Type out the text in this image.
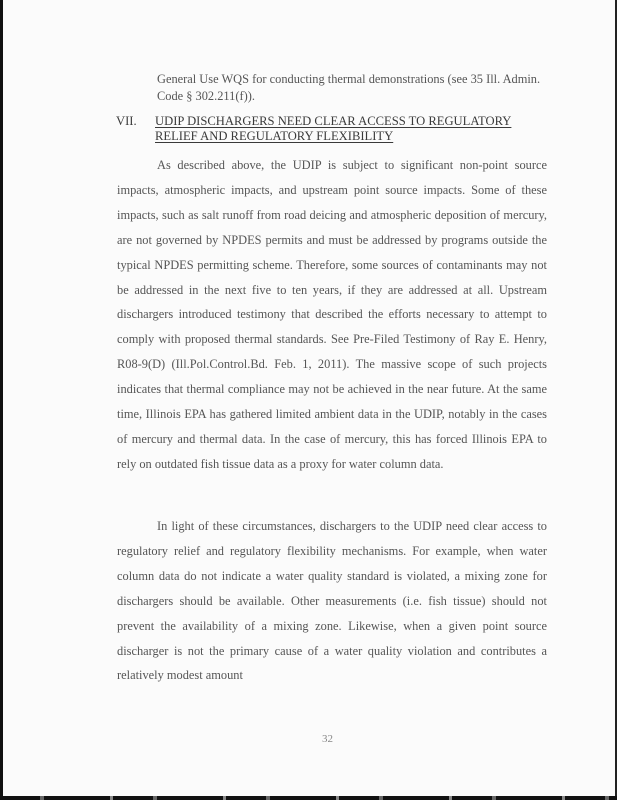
General Use WQS for conducting thermal demonstrations (see 35 Ill. Admin. Code § 302.211(f)).
VII. UDIP DISCHARGERS NEED CLEAR ACCESS TO REGULATORY RELIEF AND REGULATORY FLEXIBILITY

As described above, the UDIP is subject to significant non-point source impacts, atmospheric impacts, and upstream point source impacts. Some of these impacts, such as salt runoff from road deicing and atmospheric deposition of mercury, are not governed by NPDES permits and must be addressed by programs outside the typical NPDES permitting scheme. Therefore, some sources of contaminants may not be addressed in the next five to ten years, if they are addressed at all. Upstream dischargers introduced testimony that described the efforts necessary to attempt to comply with proposed thermal standards. See Pre-Filed Testimony of Ray E. Henry, R08-9(D) (Ill.Pol.Control.Bd. Feb. 1, 2011). The massive scope of such projects indicates that thermal compliance may not be achieved in the near future. At the same time, Illinois EPA has gathered limited ambient data in the UDIP, notably in the cases of mercury and thermal data. In the case of mercury, this has forced Illinois EPA to rely on outdated fish tissue data as a proxy for water column data.

In light of these circumstances, dischargers to the UDIP need clear access to regulatory relief and regulatory flexibility mechanisms. For example, when water column data do not indicate a water quality standard is violated, a mixing zone for dischargers should be available. Other measurements (i.e. fish tissue) should not prevent the availability of a mixing zone. Likewise, when a given point source discharger is not the primary cause of a water quality violation and contributes a relatively modest amount

32
